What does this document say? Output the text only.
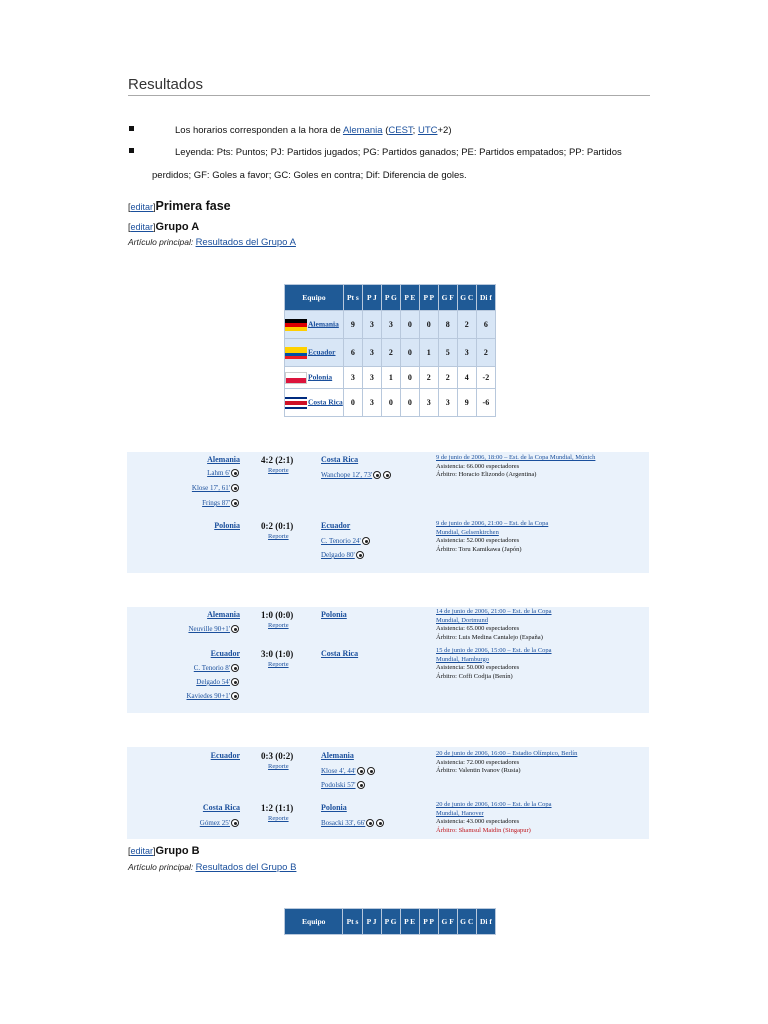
Resultados
Los horarios corresponden a la hora de Alemania (CEST; UTC+2)
Leyenda: Pts: Puntos; PJ: Partidos jugados; PG: Partidos ganados; PE: Partidos empatados; PP: Partidos
perdidos; GF: Goles a favor; GC: Goles en contra; Dif: Diferencia de goles.
[editar]Primera fase
[editar]Grupo A
Artículo principal: Resultados del Grupo A
Equipo	Pt s	P J	P G	P E	P P	G F	G C	Di f
Alemania	9	3	3	0	0	8	2	6
Ecuador	6	3	2	0	1	5	3	2
Polonia	3	3	1	0	2	2	4	-2
Costa Rica	0	3	0	0	3	3	9	-6
Alemania 4:2 (2:1)
Reporte
Costa Rica
Lahm 6'
Klose 17', 61'
Frings 87'
Wanchope 12', 73'
9 de junio de 2006, 18:00 – Est. de la Copa Mundial, Múnich
Asistencia: 66.000 espectadores
Árbitro: Horacio Elizondo (Argentina)
Polonia 0:2 (0:1)
Reporte
Ecuador
C. Tenorio 24'
Delgado 80'
9 de junio de 2006, 21:00 – Est. de la Copa
Mundial, Gelsenkirchen
Asistencia: 52.000 espectadores
Árbitro: Toru Kamikawa (Japón)
Alemania 1:0 (0:0)
Reporte
Polonia
Neuville 90+1'
14 de junio de 2006, 21:00 – Est. de la Copa
Mundial, Dortmund
Asistencia: 65.000 espectadores
Árbitro: Luis Medina Cantalejo (España)
Ecuador 3:0 (1:0)
Reporte
Costa Rica
C. Tenorio 8'
Delgado 54'
Kaviedes 90+1'
15 de junio de 2006, 15:00 – Est. de la Copa
Mundial, Hamburgo
Asistencia: 50.000 espectadores
Árbitro: Coffi Codjia (Benín)
Ecuador 0:3 (0:2)
Reporte
Alemania
Klose 4', 44'
Podolski 57'
20 de junio de 2006, 16:00 – Estadio Olímpico, Berlín
Asistencia: 72.000 espectadores
Árbitro: Valentin Ivanov (Rusia)
Costa Rica 1:2 (1:1)
Reporte
Polonia
Gómez 25'	Bosacki 33', 66'
20 de junio de 2006, 16:00 – Est. de la Copa
Mundial, Hanover
Asistencia: 43.000 espectadores
Árbitro: Shamsul Maidin (Singapur)
[editar]Grupo B
Artículo principal: Resultados del Grupo B
Equipo	Pt s	P J	P G	P E	P P	G F	G C	Di f
